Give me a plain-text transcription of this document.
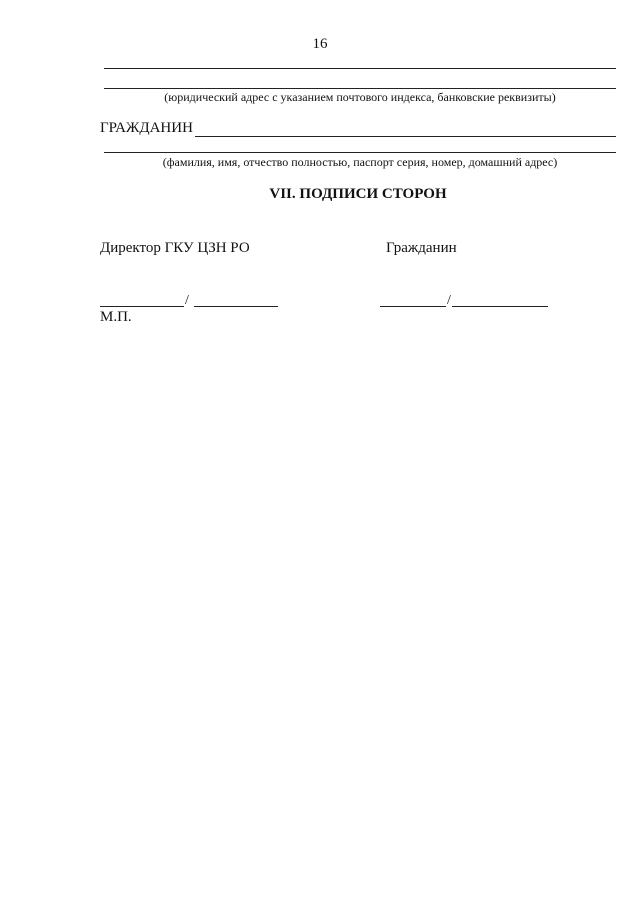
16
(юридический адрес с указанием почтового индекса, банковские реквизиты)
ГРАЖДАНИН
(фамилия, имя, отчество полностью, паспорт серия, номер, домашний адрес)
VII. ПОДПИСИ СТОРОН
Директор ГКУ ЦЗН РО	Гражданин
/	/
М.П.
